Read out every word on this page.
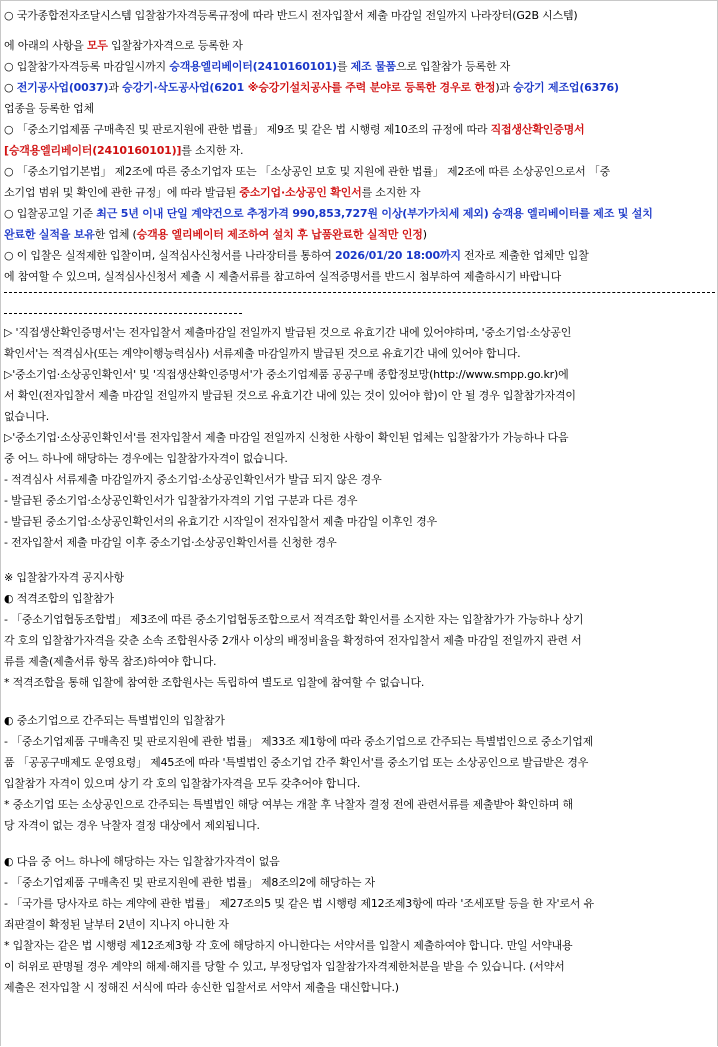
○ 국가종합전자조달시스템 입찰참가자격등록규정에 따라 반드시 전자입찰서 제출 마감일 전일까지 나라장터(G2B 시스템)
에 아래의 사항을 모두 입찰참가자격으로 등록한 자
○ 입찰참가자격등록 마감일시까지 승객용엘리베이터(2410160101)를 제조 물품으로 입찰참가 등록한 자
○ 전기공사업(0037)과 승강기·삭도공사업(6201 ※승강기설치공사를 주력 분야로 등록한 경우로 한정)과 승강기 제조업(6376)
업종을 등록한 업체
○ 「중소기업제품 구매촉진 및 판로지원에 관한 법률」 제9조 및 같은 법 시행령 제10조의 규정에 따라 직접생산확인증명서
[승객용엘리베이터(2410160101)]를 소지한 자.
○ 「중소기업기본법」 제2조에 따른 중소기업자 또는 「소상공인 보호 및 지원에 관한 법률」 제2조에 따른 소상공인으로서 「중
소기업 범위 및 확인에 관한 규정」에 따라 발급된 중소기업·소상공인 확인서를 소지한 자
○ 입찰공고일 기준 최근 5년 이내 단일 계약건으로 추정가격 990,853,727원 이상(부가가치세 제외) 승객용 엘리베이터를 제조 및 설치
완료한 실적을 보유한 업체 (승객용 엘리베이터 제조하여 설치 후 납품완료한 실적만 인정)
○ 이 입찰은 실적제한 입찰이며, 실적심사신청서를 나라장터를 통하여 2026/01/20 18:00까지 전자로 제출한 업체만 입찰
에 참여할 수 있으며, 실적심사신청서 제출 시 제출서류를 참고하여 실적증명서를 반드시 첨부하여 제출하시기 바랍니다
▷ '직접생산확인증명서'는 전자입찰서 제출마감일 전일까지 발급된 것으로 유효기간 내에 있어야하며, '중소기업·소상공인
확인서'는 적격심사(또는 계약이행능력심사) 서류제출 마감일까지 발급된 것으로 유효기간 내에 있어야 합니다.
▷'중소기업·소상공인확인서' 및 '직접생산확인증명서'가 중소기업제품 공공구매 종합정보망(http://www.smpp.go.kr)에
서 확인(전자입찰서 제출 마감일 전일까지 발급된 것으로 유효기간 내에 있는 것이 있어야 함)이 안 될 경우 입찰참가자격이
없습니다.
▷'중소기업·소상공인확인서'를 전자입찰서 제출 마감일 전일까지 신청한 사항이 확인된 업체는 입찰참가가 가능하나 다음
중 어느 하나에 해당하는 경우에는 입찰참가자격이 없습니다.
- 적격심사 서류제출 마감일까지 중소기업·소상공인확인서가 발급 되지 않은 경우
- 발급된 중소기업·소상공인확인서가 입찰참가자격의 기업 구분과 다른 경우
- 발급된 중소기업·소상공인확인서의 유효기간 시작일이 전자입찰서 제출 마감일 이후인 경우
- 전자입찰서 제출 마감일 이후 중소기업·소상공인확인서를 신청한 경우
※ 입찰참가자격 공지사항
◐ 적격조합의 입찰참가
- 「중소기업협동조합법」 제3조에 따른 중소기업협동조합으로서 적격조합 확인서를 소지한 자는 입찰참가가 가능하나 상기
각 호의 입찰참가자격을 갖춘 소속 조합원사중 2개사 이상의 배정비율을 확정하여 전자입찰서 제출 마감일 전일까지 관련 서
류를 제출(제출서류 항목 참조)하여야 합니다.
* 적격조합을 통해 입찰에 참여한 조합원사는 독립하여 별도로 입찰에 참여할 수 없습니다.
◐ 중소기업으로 간주되는 특별법인의 입찰참가
- 「중소기업제품 구매촉진 및 판로지원에 관한 법률」 제33조 제1항에 따라 중소기업으로 간주되는 특별법인으로 중소기업제
품 「공공구매제도 운영요령」 제45조에 따라 '특별법인 중소기업 간주 확인서'를 중소기업 또는 소상공인으로 발급받은 경우
입찰참가 자격이 있으며 상기 각 호의 입찰참가자격을 모두 갖추어야 합니다.
* 중소기업 또는 소상공인으로 간주되는 특별법인 해당 여부는 개찰 후 낙찰자 결정 전에 관련서류를 제출받아 확인하며 해
당 자격이 없는 경우 낙찰자 결정 대상에서 제외됩니다.
◐ 다음 중 어느 하나에 해당하는 자는 입찰참가자격이 없음
- 「중소기업제품 구매촉진 및 판로지원에 관한 법률」 제8조의2에 해당하는 자
- 「국가를 당사자로 하는 계약에 관한 법률」 제27조의5 및 같은 법 시행령 제12조제3항에 따라 '조세포탈 등을 한 자'로서 유
죄판결이 확정된 날부터 2년이 지나지 아니한 자
* 입찰자는 같은 법 시행령 제12조제3항 각 호에 해당하지 아니한다는 서약서를 입찰시 제출하여야 합니다. 만일 서약내용
이 허위로 판명될 경우 계약의 해제·해지를 당할 수 있고, 부정당업자 입찰참가자격제한처분을 받을 수 있습니다. (서약서
제출은 전자입찰 시 정해진 서식에 따라 송신한 입찰서로 서약서 제출을 대신합니다.)
